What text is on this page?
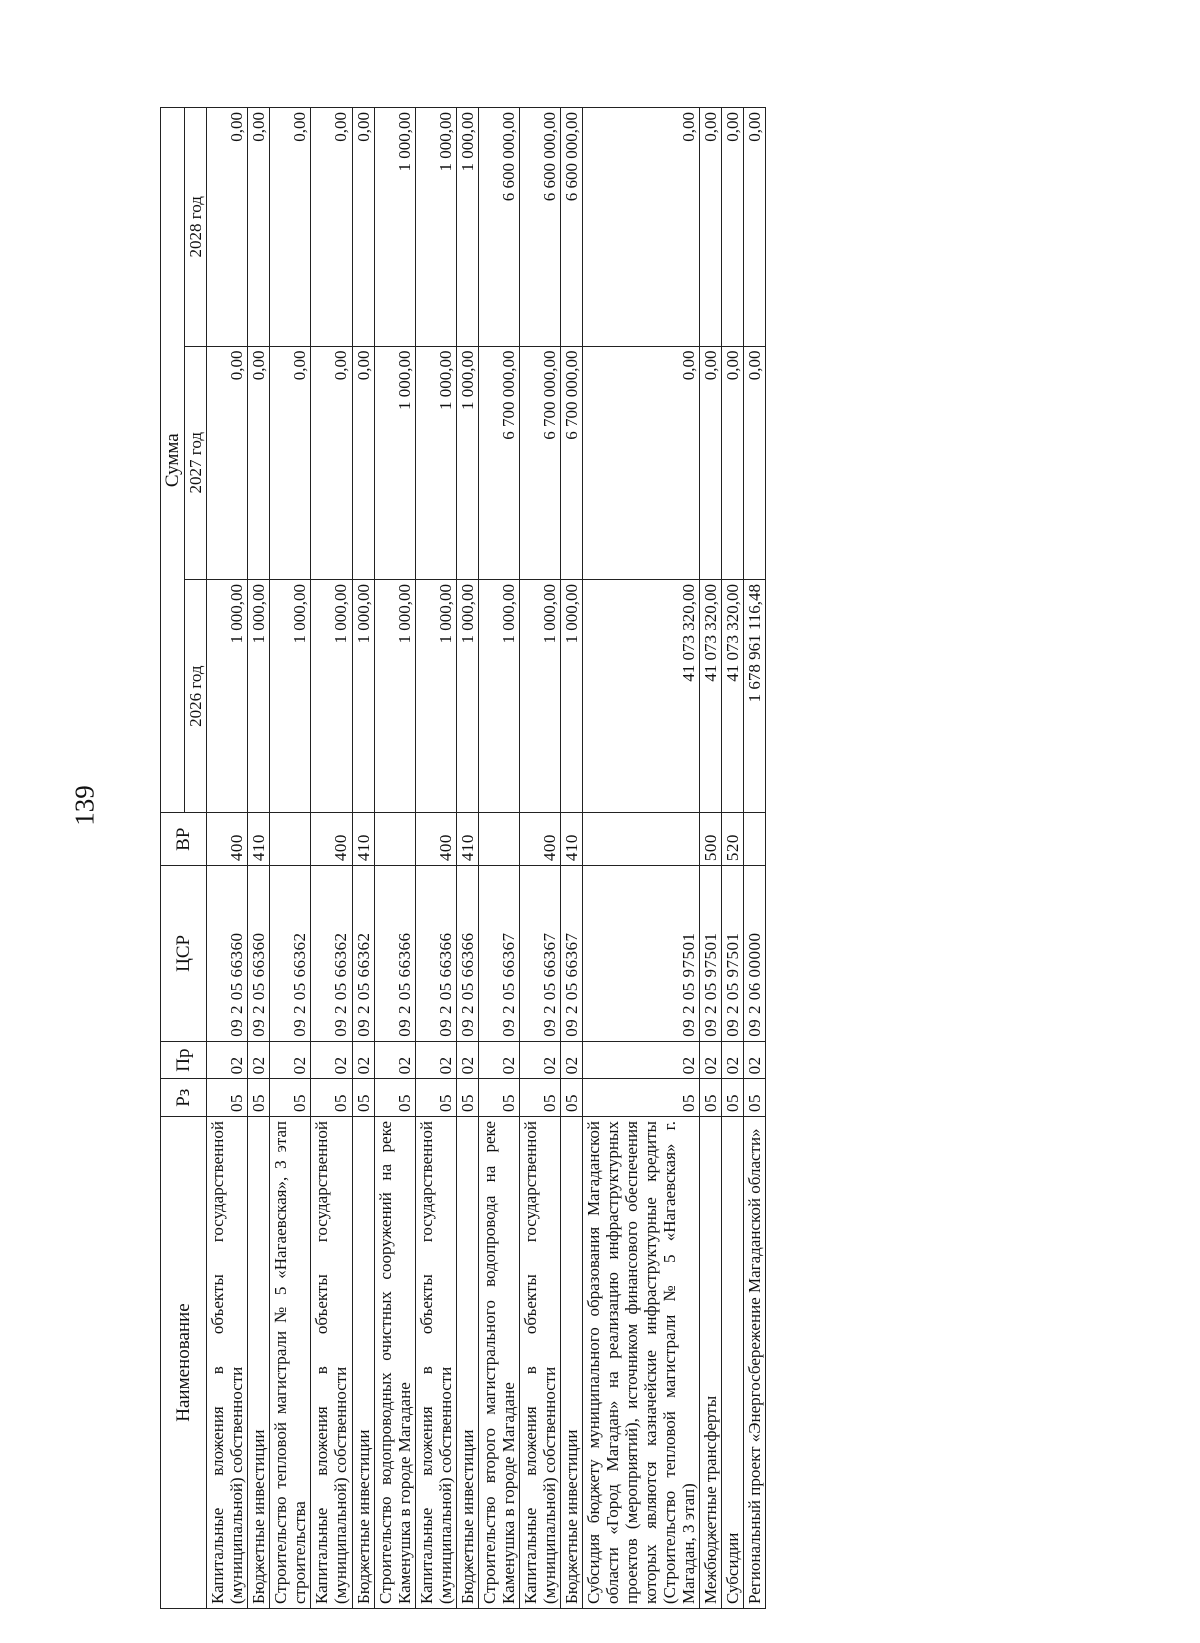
139
Наименование	Рз	Пр	ЦСР	ВР	Сумма		
					2026 год	2027 год	2028 год
Капитальные вложения в объекты государственной (муниципальной) собственности	05	02	09 2 05 66360	400	1 000,00	0,00	0,00
Бюджетные инвестиции	05	02	09 2 05 66360	410	1 000,00	0,00	0,00
Строительство тепловой магистрали № 5 «Нагаевская», 3 этап строительства	05	02	09 2 05 66362		1 000,00	0,00	0,00
Капитальные вложения в объекты государственной (муниципальной) собственности	05	02	09 2 05 66362	400	1 000,00	0,00	0,00
Бюджетные инвестиции	05	02	09 2 05 66362	410	1 000,00	0,00	0,00
Строительство водопроводных очистных сооружений на реке Каменушка в городе Магадане	05	02	09 2 05 66366		1 000,00	1 000,00	1 000,00
Капитальные вложения в объекты государственной (муниципальной) собственности	05	02	09 2 05 66366	400	1 000,00	1 000,00	1 000,00
Бюджетные инвестиции	05	02	09 2 05 66366	410	1 000,00	1 000,00	1 000,00
Строительство второго магистрального водопровода на реке Каменушка в городе Магадане	05	02	09 2 05 66367		1 000,00	6 700 000,00	6 600 000,00
Капитальные вложения в объекты государственной (муниципальной) собственности	05	02	09 2 05 66367	400	1 000,00	6 700 000,00	6 600 000,00
Бюджетные инвестиции	05	02	09 2 05 66367	410	1 000,00	6 700 000,00	6 600 000,00
Субсидия бюджету муниципального образования Магаданской области «Город Магадан» на реализацию инфраструктурных проектов (мероприятий), источником финансового обеспечения которых являются казначейские инфраструктурные кредиты (Строительство тепловой магистрали № 5 «Нагаевская» г. Магадан, 3 этап)	05	02	09 2 05 97501		41 073 320,00	0,00	0,00
Межбюджетные трансферты	05	02	09 2 05 97501	500	41 073 320,00	0,00	0,00
Субсидии	05	02	09 2 05 97501	520	41 073 320,00	0,00	0,00
Региональный проект «Энергосбережение Магаданской области»	05	02	09 2 06 00000		1 678 961 116,48	0,00	0,00
